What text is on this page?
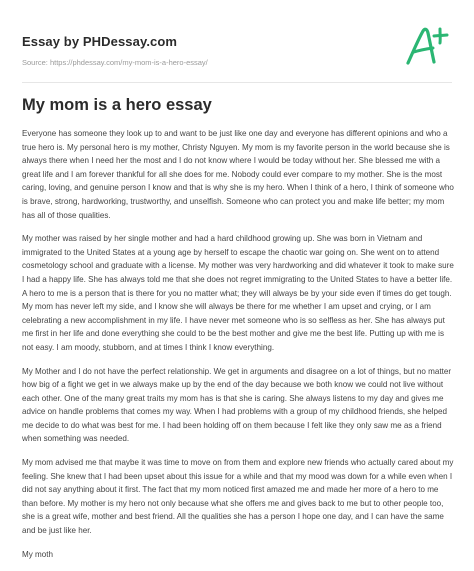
Essay by PHDessay.com
Source: https://phdessay.com/my-mom-is-a-hero-essay/
My mom is a hero essay

Everyone has someone they look up to and want to be just like one day and everyone has different opinions and who a true hero is. My personal hero is my mother, Christy Nguyen. My mom is my favorite person in the world because she is always there when I need her the most and I do not know where I would be today without her. She blessed me with a great life and I am forever thankful for all she does for me. Nobody could ever compare to my mother. She is the most caring, loving, and genuine person I know and that is why she is my hero. When I think of a hero, I think of someone who is brave, strong, hardworking, trustworthy, and unselfish. Someone who can protect you and make life better; my mom has all of those qualities.

My mother was raised by her single mother and had a hard childhood growing up. She was born in Vietnam and immigrated to the United States at a young age by herself to escape the chaotic war going on. She went on to attend cosmetology school and graduate with a license. My mother was very hardworking and did whatever it took to make sure I had a happy life. She has always told me that she does not regret immigrating to the United States to have a better life. A hero to me is a person that is there for you no matter what; they will always be by your side even if times do get tough. My mom has never left my side, and I know she will always be there for me whether I am upset and crying, or I am celebrating a new accomplishment in my life. I have never met someone who is so selfless as her. She has always put me first in her life and done everything she could to be the best mother and give me the best life. Putting up with me is not easy. I am moody, stubborn, and at times I think I know everything.

My Mother and I do not have the perfect relationship. We get in arguments and disagree on a lot of things, but no matter how big of a fight we get in we always make up by the end of the day because we both know we could not live without each other. One of the many great traits my mom has is that she is caring. She always listens to my day and gives me advice on handle problems that comes my way. When I had problems with a group of my childhood friends, she helped me decide to do what was best for me. I had been holding off on them because I felt like they only saw me as a friend when something was needed.

My mom advised me that maybe it was time to move on from them and explore new friends who actually cared about my feeling. She knew that I had been upset about this issue for a while and that my mood was down for a while even when I did not say anything about it first. The fact that my mom noticed first amazed me and made her more of a hero to me than before. My mother is my hero not only because what she offers me and gives back to me but to other people too, she is a great wife, mother and best friend. All the qualities she has a person I hope one day, and I can have the same and be just like her.

My moth
